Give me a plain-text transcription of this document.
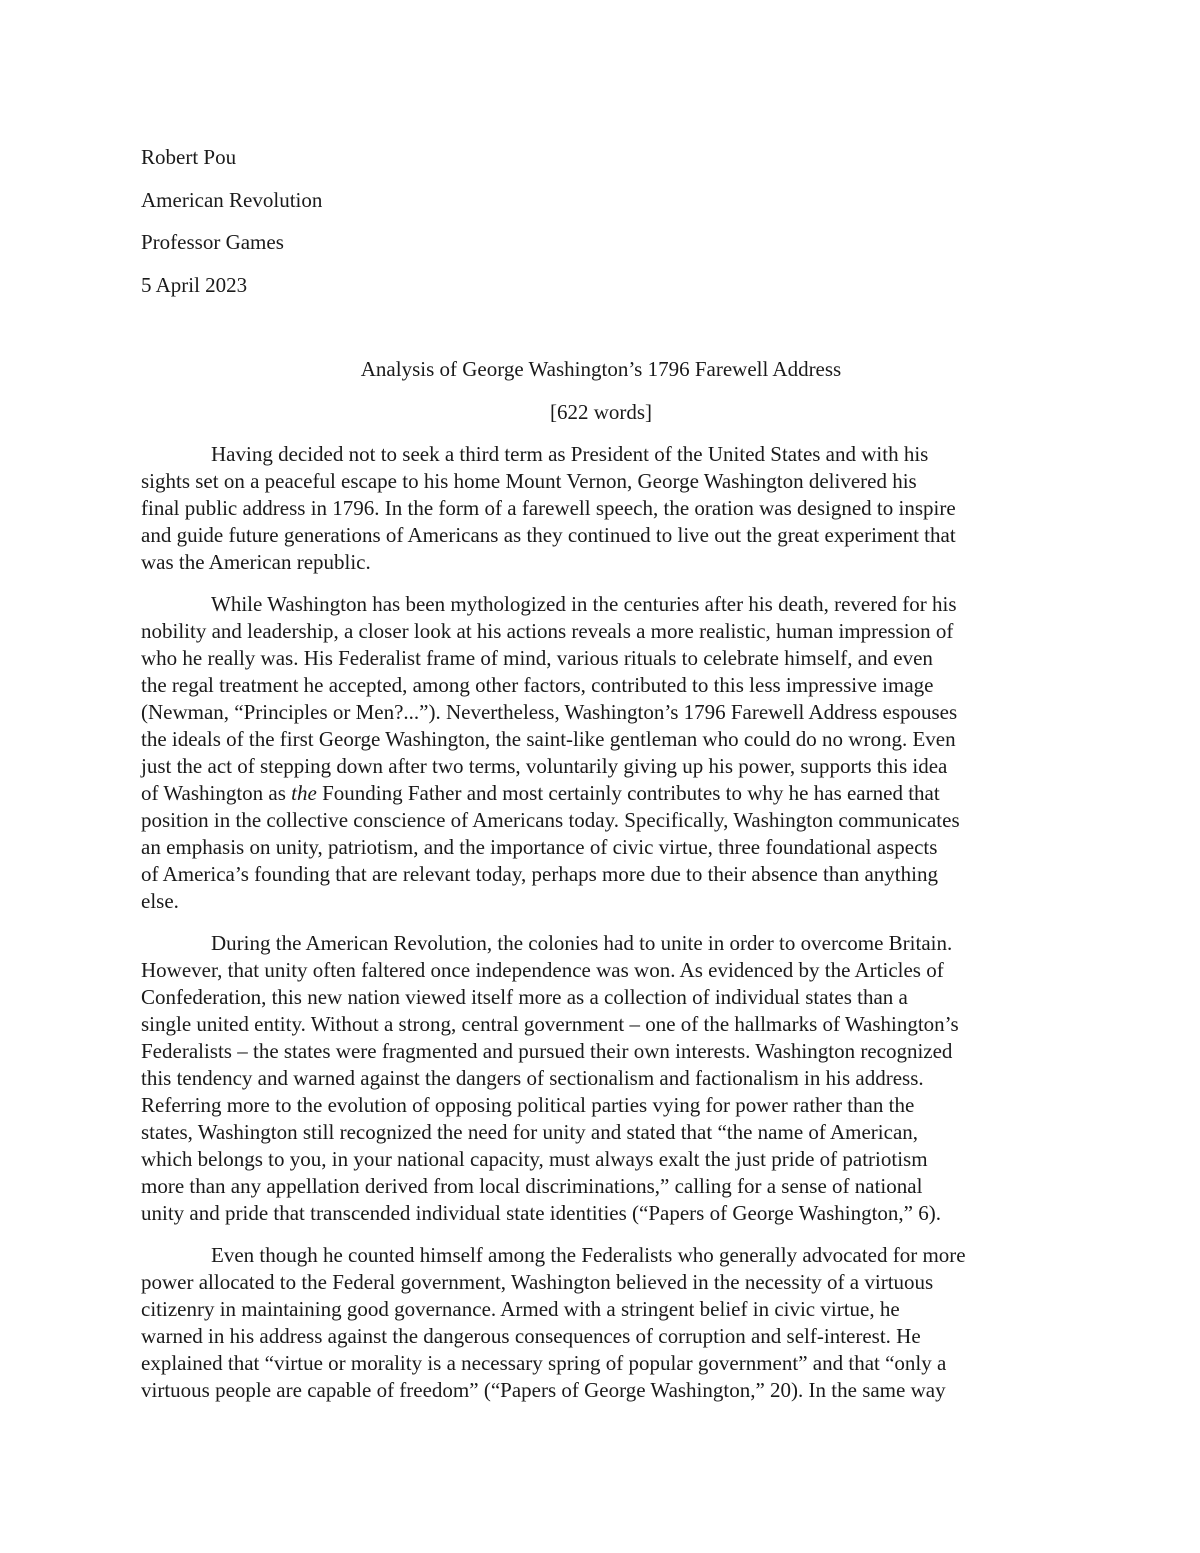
Robert Pou
American Revolution
Professor Games
5 April 2023
Analysis of George Washington’s 1796 Farewell Address
[622 words]

Having decided not to seek a third term as President of the United States and with his
sights set on a peaceful escape to his home Mount Vernon, George Washington delivered his
final public address in 1796. In the form of a farewell speech, the oration was designed to inspire
and guide future generations of Americans as they continued to live out the great experiment that
was the American republic.

While Washington has been mythologized in the centuries after his death, revered for his
nobility and leadership, a closer look at his actions reveals a more realistic, human impression of
who he really was. His Federalist frame of mind, various rituals to celebrate himself, and even
the regal treatment he accepted, among other factors, contributed to this less impressive image
(Newman, “Principles or Men?...”). Nevertheless, Washington’s 1796 Farewell Address espouses
the ideals of the first George Washington, the saint-like gentleman who could do no wrong. Even
just the act of stepping down after two terms, voluntarily giving up his power, supports this idea
of Washington as the Founding Father and most certainly contributes to why he has earned that
position in the collective conscience of Americans today. Specifically, Washington communicates
an emphasis on unity, patriotism, and the importance of civic virtue, three foundational aspects
of America’s founding that are relevant today, perhaps more due to their absence than anything
else.

During the American Revolution, the colonies had to unite in order to overcome Britain.
However, that unity often faltered once independence was won. As evidenced by the Articles of
Confederation, this new nation viewed itself more as a collection of individual states than a
single united entity. Without a strong, central government – one of the hallmarks of Washington’s
Federalists – the states were fragmented and pursued their own interests. Washington recognized
this tendency and warned against the dangers of sectionalism and factionalism in his address.
Referring more to the evolution of opposing political parties vying for power rather than the
states, Washington still recognized the need for unity and stated that “the name of American,
which belongs to you, in your national capacity, must always exalt the just pride of patriotism
more than any appellation derived from local discriminations,” calling for a sense of national
unity and pride that transcended individual state identities (“Papers of George Washington,” 6).

Even though he counted himself among the Federalists who generally advocated for more
power allocated to the Federal government, Washington believed in the necessity of a virtuous
citizenry in maintaining good governance. Armed with a stringent belief in civic virtue, he
warned in his address against the dangerous consequences of corruption and self-interest. He
explained that “virtue or morality is a necessary spring of popular government” and that “only a
virtuous people are capable of freedom” (“Papers of George Washington,” 20). In the same way
